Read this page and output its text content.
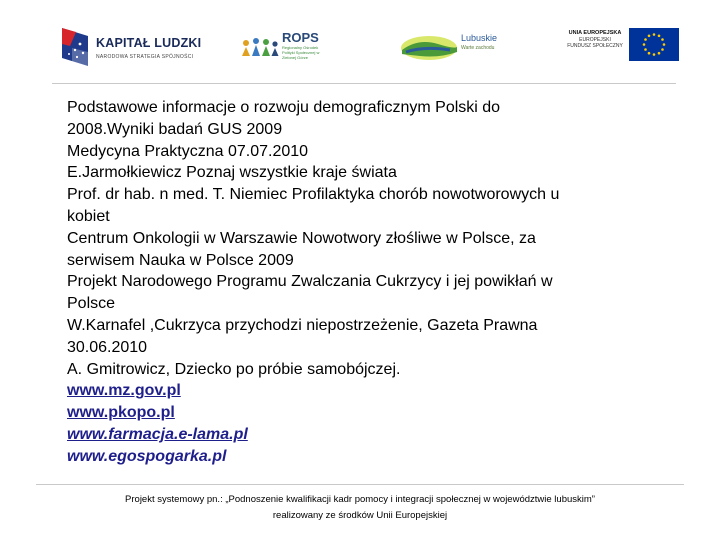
KAPITAŁ LUDZKI
NARODOWA STRATEGIA SPÓJNOŚCI
ROPS
Regionalny Ośrodek Polityki Społecznej w Zielonej Górze
Lubuskie
Warte zachodu
UNIA EUROPEJSKA
EUROPEJSKI
FUNDUSZ SPOŁECZNY
Podstawowe informacje o rozwoju demograficznym Polski do
2008.Wyniki badań GUS 2009
Medycyna Praktyczna 07.07.2010
E.Jarmołkiewicz Poznaj wszystkie kraje świata
Prof. dr hab. n med. T. Niemiec Profilaktyka chorób nowotworowych u
kobiet
Centrum Onkologii w Warszawie Nowotwory złośliwe w Polsce, za
serwisem Nauka w Polsce 2009
Projekt Narodowego Programu Zwalczania Cukrzycy i jej powikłań w
Polsce
W.Karnafel ,Cukrzyca przychodzi niepostrzeżenie, Gazeta Prawna
30.06.2010
A. Gmitrowicz, Dziecko po próbie samobójczej.
www.mz.gov.pl
www.pkopo.pl
www.farmacja.e-lama.pl
www.egospogarka.pl
Projekt systemowy pn.: „Podnoszenie kwalifikacji kadr pomocy i integracji społecznej w województwie lubuskim”
realizowany ze środków Unii Europejskiej
